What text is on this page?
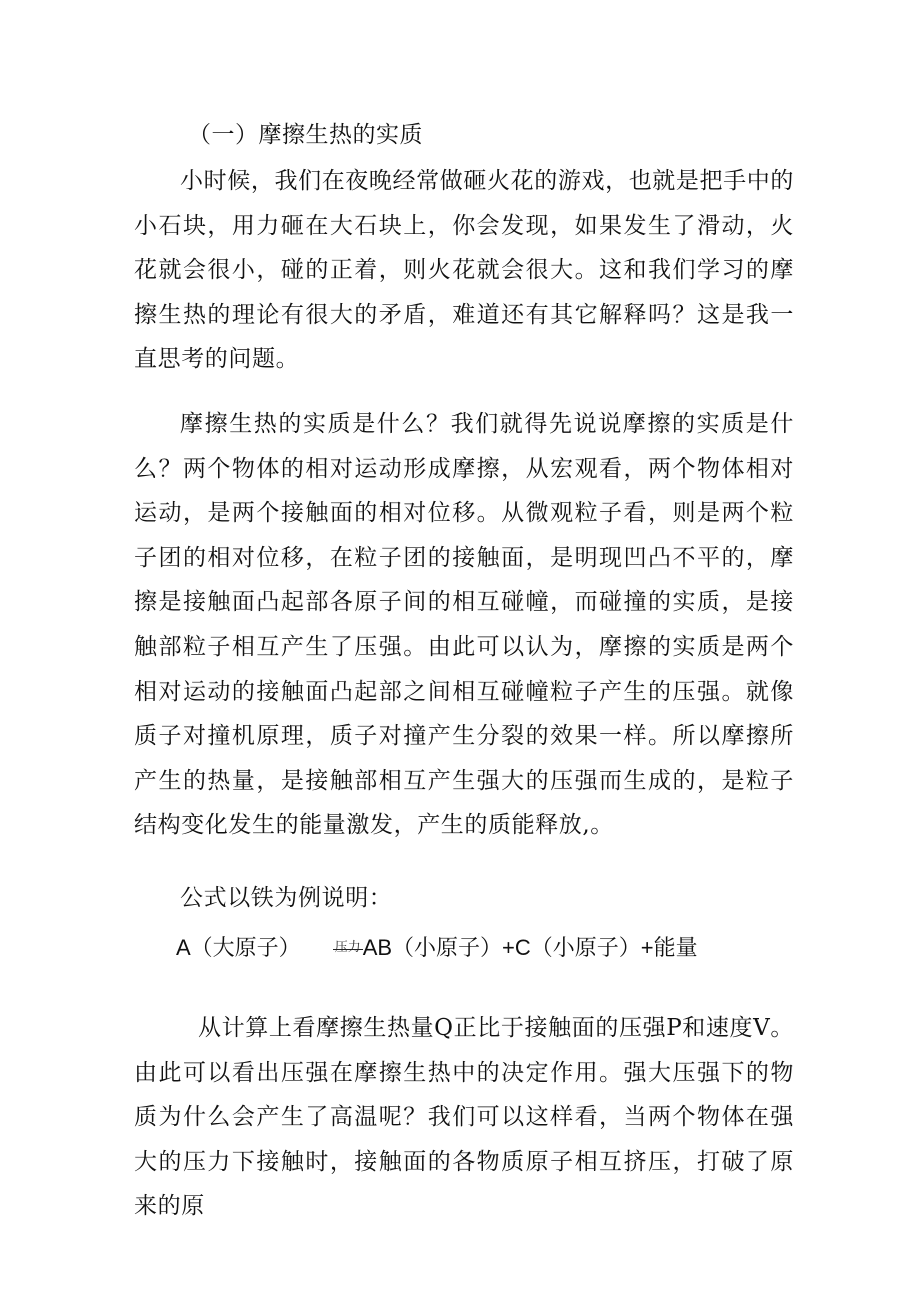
（一）摩擦生热的实质

小时候，我们在夜晚经常做砸火花的游戏，也就是把手中的小石块，用力砸在大石块上，你会发现，如果发生了滑动，火花就会很小，碰的正着，则火花就会很大。这和我们学习的摩擦生热的理论有很大的矛盾，难道还有其它解释吗？这是我一直思考的问题。

摩擦生热的实质是什么？我们就得先说说摩擦的实质是什么？两个物体的相对运动形成摩擦，从宏观看，两个物体相对运动，是两个接触面的相对位移。从微观粒子看，则是两个粒子团的相对位移，在粒子团的接触面，是明现凹凸不平的，摩擦是接触面凸起部各原子间的相互碰幢，而碰撞的实质，是接触部粒子相互产生了压强。由此可以认为，摩擦的实质是两个相对运动的接触面凸起部之间相互碰幢粒子产生的压强。就像质子对撞机原理，质子对撞产生分裂的效果一样。所以摩擦所产生的热量，是接触部相互产生强大的压强而生成的，是粒子结构变化发生的能量激发，产生的质能释放,。

公式以铁为例说明：
A（大原子）	压力 AB（小原子）+C（小原子）+能量

从计算上看摩擦生热量Q正比于接触面的压强P和速度V。由此可以看出压强在摩擦生热中的决定作用。强大压强下的物质为什么会产生了高温呢？我们可以这样看，当两个物体在强大的压力下接触时，接触面的各物质原子相互挤压，打破了原来的原
